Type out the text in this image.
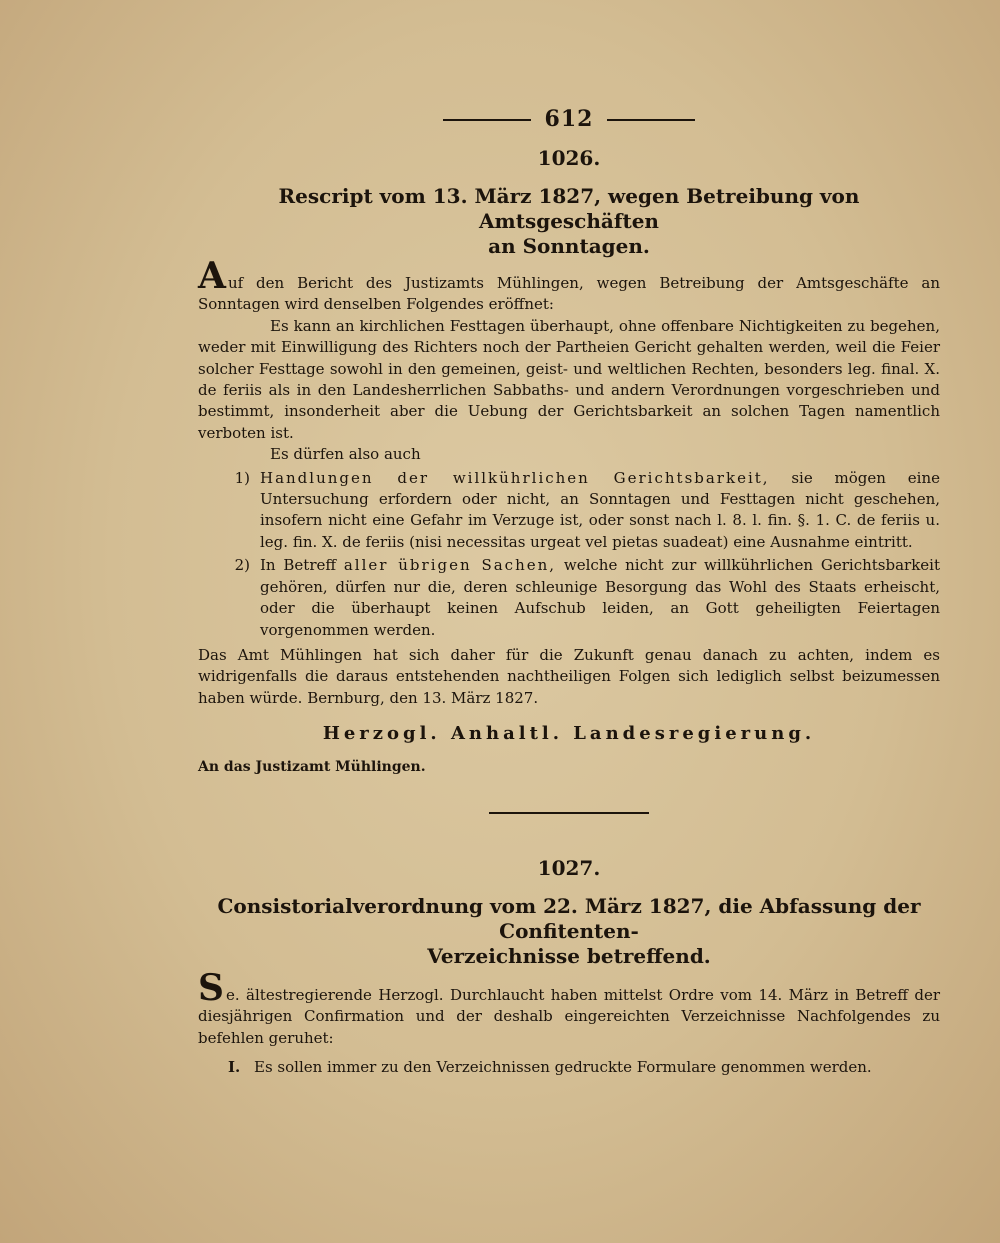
612
1026.
Rescript vom 13. März 1827, wegen Betreibung von Amtsgeschäften
an Sonntagen.

Auf den Bericht des Justizamts Mühlingen, wegen Betreibung der Amtsgeschäfte an Sonntagen wird denselben Folgendes eröffnet:

Es kann an kirchlichen Festtagen überhaupt, ohne offenbare Nichtigkeiten zu begehen, weder mit Einwilligung des Richters noch der Partheien Gericht gehalten werden, weil die Feier solcher Festtage sowohl in den gemeinen, geist- und weltlichen Rechten, besonders leg. final. X. de feriis als in den Landesherrlichen Sabbaths- und andern Verordnungen vorgeschrieben und bestimmt, insonderheit aber die Uebung der Gerichtsbarkeit an solchen Tagen namentlich verboten ist.

Es dürfen also auch

1) Handlungen der willkührlichen Gerichtsbarkeit, sie mögen eine Untersuchung erfordern oder nicht, an Sonntagen und Festtagen nicht geschehen, insofern nicht eine Gefahr im Verzuge ist, oder sonst nach l. 8. l. fin. §. 1. C. de feriis u. leg. fin. X. de feriis (nisi necessitas urgeat vel pietas suadeat) eine Ausnahme eintritt.
2) In Betreff aller übrigen Sachen, welche nicht zur willkührlichen Gerichtsbarkeit gehören, dürfen nur die, deren schleunige Besorgung das Wohl des Staats erheischt, oder die überhaupt keinen Aufschub leiden, an Gott geheiligten Feiertagen vorgenommen werden.

Das Amt Mühlingen hat sich daher für die Zukunft genau danach zu achten, indem es widrigenfalls die daraus entstehenden nachtheiligen Folgen sich lediglich selbst beizumessen haben würde. Bernburg, den 13. März 1827.

Herzogl. Anhaltl. Landesregierung.
An das Justizamt Mühlingen.
1027.
Consistorialverordnung vom 22. März 1827, die Abfassung der Confitenten-
Verzeichnisse betreffend.

Se. ältestregierende Herzogl. Durchlaucht haben mittelst Ordre vom 14. März in Betreff der diesjährigen Confirmation und der deshalb eingereichten Verzeichnisse Nachfolgendes zu befehlen geruhet:

I. Es sollen immer zu den Verzeichnissen gedruckte Formulare genommen werden.
